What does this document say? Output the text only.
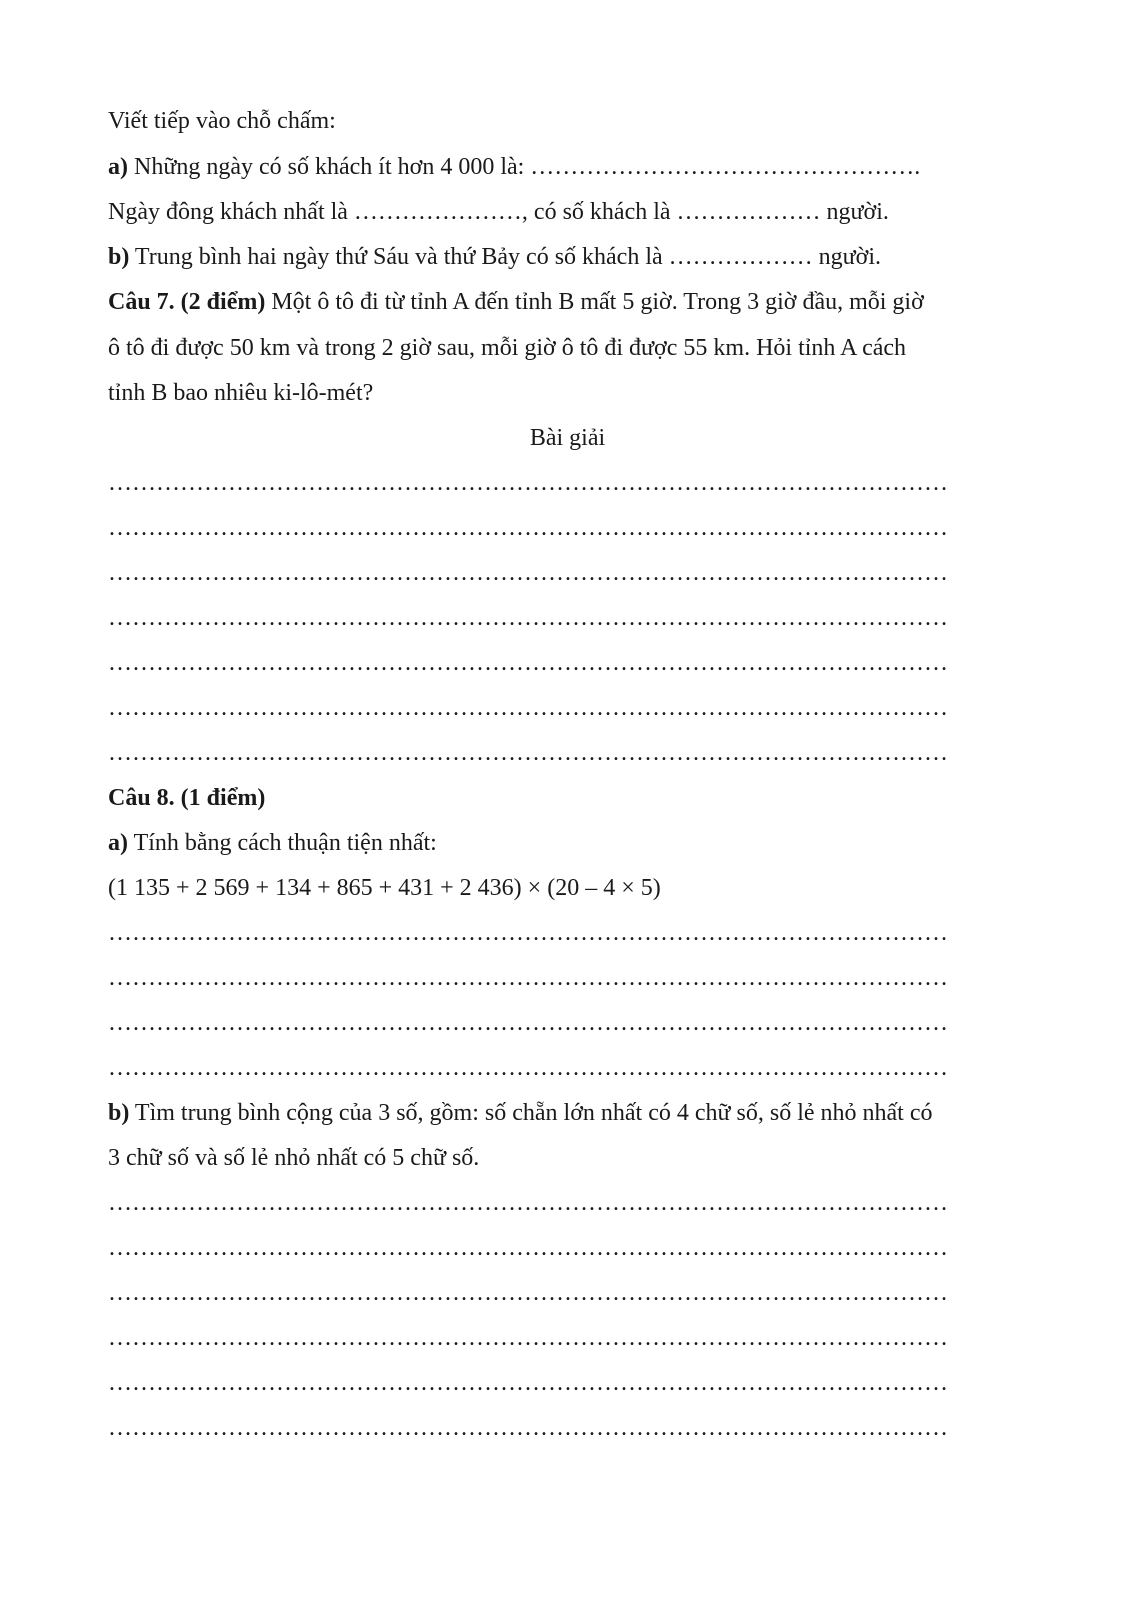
Viết tiếp vào chỗ chấm:
a) Những ngày có số khách ít hơn 4 000 là: ………………………………………….
Ngày đông khách nhất là …………………, có số khách là ……………… người.
b) Trung bình hai ngày thứ Sáu và thứ Bảy có số khách là ……………… người.
Câu 7. (2 điểm) Một ô tô đi từ tỉnh A đến tỉnh B mất 5 giờ. Trong 3 giờ đầu, mỗi giờ
ô tô đi được 50 km và trong 2 giờ sau, mỗi giờ ô tô đi được 55 km. Hỏi tỉnh A cách
tỉnh B bao nhiêu ki-lô-mét?
Bài giải
……………………………………………………………………………………………
……………………………………………………………………………………………
……………………………………………………………………………………………
……………………………………………………………………………………………
……………………………………………………………………………………………
……………………………………………………………………………………………
……………………………………………………………………………………………
Câu 8. (1 điểm)
a) Tính bằng cách thuận tiện nhất:
(1 135 + 2 569 + 134 + 865 + 431 + 2 436) × (20 – 4 × 5)
……………………………………………………………………………………………
……………………………………………………………………………………………
……………………………………………………………………………………………
……………………………………………………………………………………………
b) Tìm trung bình cộng của 3 số, gồm: số chẵn lớn nhất có 4 chữ số, số lẻ nhỏ nhất có
3 chữ số và số lẻ nhỏ nhất có 5 chữ số.
……………………………………………………………………………………………
……………………………………………………………………………………………
……………………………………………………………………………………………
……………………………………………………………………………………………
……………………………………………………………………………………………
……………………………………………………………………………………………
